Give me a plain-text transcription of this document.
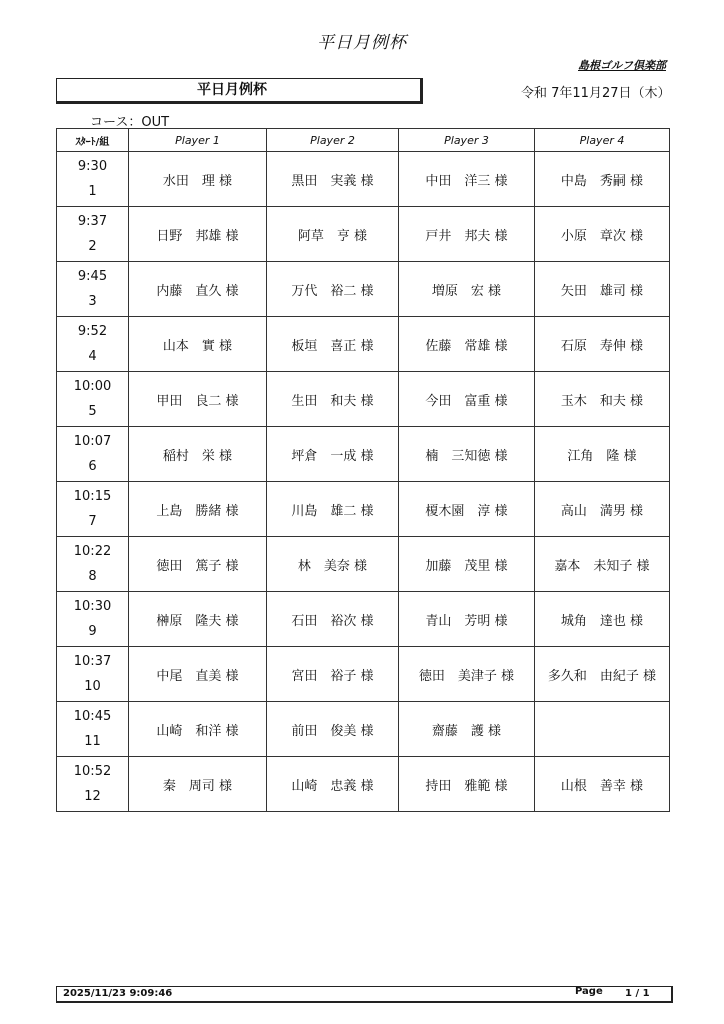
平日月例杯
島根ゴルフ倶楽部
平日月例杯	令和 7年11月27日（木）
コース：OUT
ｽﾀｰﾄ/組	Player 1	Player 2	Player 3	Player 4

9:30
1	水田　理 様	黒田　実義 様	中田　洋三 様	中島　秀嗣 様

9:37
2	日野　邦雄 様	阿草　亨 様	戸井　邦夫 様	小原　章次 様

9:45
3	内藤　直久 様	万代　裕二 様	増原　宏 様	矢田　雄司 様

9:52
4	山本　實 様	板垣　喜正 様	佐藤　常雄 様	石原　寿伸 様

10:00
5	甲田　良二 様	生田　和夫 様	今田　富重 様	玉木　和夫 様

10:07
6	稲村　栄 様	坪倉　一成 様	楠　三知徳 様	江角　隆 様

10:15
7	上島　勝緒 様	川島　雄二 様	榎木園　淳 様	高山　満男 様

10:22
8	徳田　篤子 様	林　美奈 様	加藤　茂里 様	嘉本　未知子 様

10:30
9	榊原　隆夫 様	石田　裕次 様	青山　芳明 様	城角　達也 様

10:37
10	中尾　直美 様	宮田　裕子 様	徳田　美津子 様	多久和　由紀子 様

10:45
11	山崎　和洋 様	前田　俊美 様	齋藤　護 様	

10:52
12	秦　周司 様	山崎　忠義 様	持田　雅範 様	山根　善幸 様
2025/11/23 9:09:46	Page 1 / 1
